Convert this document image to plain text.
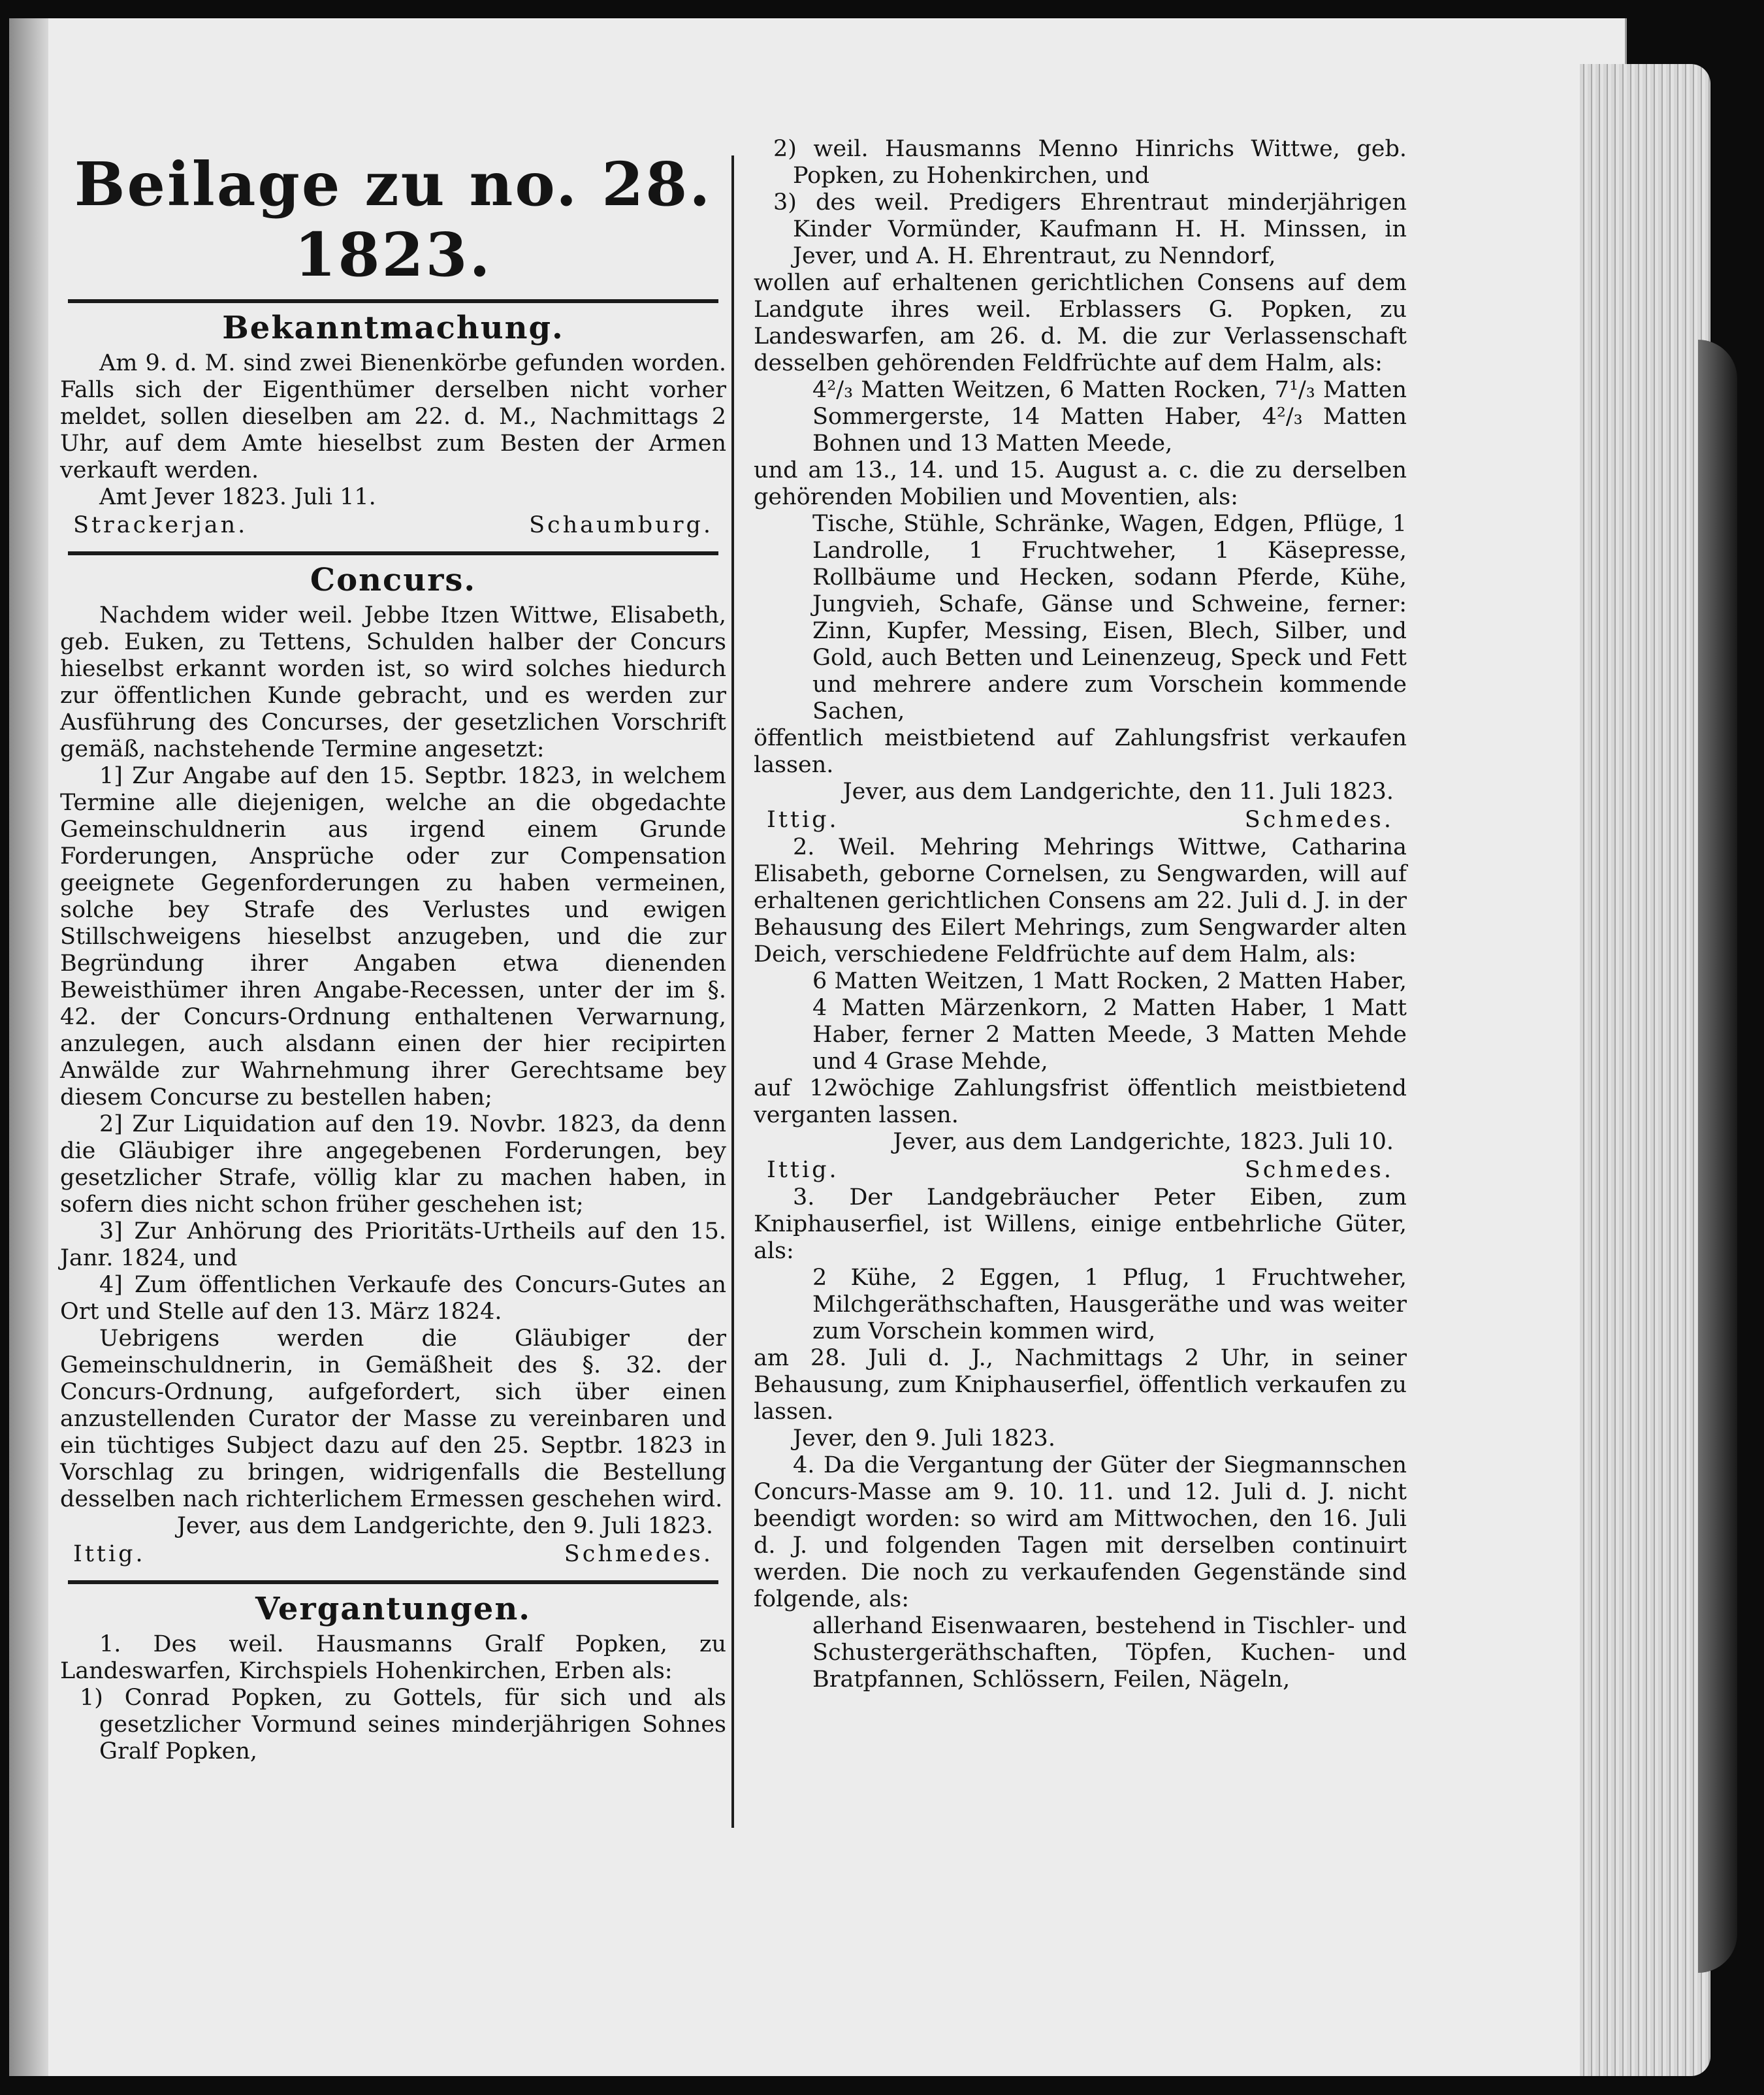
Beilage zu no. 28. 1823.
Bekanntmachung.

Am 9. d. M. sind zwei Bienenkörbe gefunden worden. Falls sich der Eigenthümer derselben nicht vorher meldet, sollen dieselben am 22. d. M., Nachmittags 2 Uhr, auf dem Amte hieselbst zum Besten der Armen verkauft werden.

Amt Jever 1823. Juli 11.

Strackerjan.	Schaumburg.
Concurs.

Nachdem wider weil. Jebbe Itzen Wittwe, Elisabeth, geb. Euken, zu Tettens, Schulden halber der Concurs hieselbst erkannt worden ist, so wird solches hiedurch zur öffentlichen Kunde gebracht, und es werden zur Ausführung des Concurses, der gesetzlichen Vorschrift gemäß, nachstehende Termine angesetzt:

1] Zur Angabe auf den 15. Septbr. 1823, in welchem Termine alle diejenigen, welche an die obgedachte Gemeinschuldnerin aus irgend einem Grunde Forderungen, Ansprüche oder zur Compensation geeignete Gegenforderungen zu haben vermeinen, solche bey Strafe des Verlustes und ewigen Stillschweigens hieselbst anzugeben, und die zur Begründung ihrer Angaben etwa dienenden Beweisthümer ihren Angabe-Recessen, unter der im §. 42. der Concurs-Ordnung enthaltenen Verwarnung, anzulegen, auch alsdann einen der hier recipirten Anwälde zur Wahrnehmung ihrer Gerechtsame bey diesem Concurse zu bestellen haben;

2] Zur Liquidation auf den 19. Novbr. 1823, da denn die Gläubiger ihre angegebenen Forderungen, bey gesetzlicher Strafe, völlig klar zu machen haben, in sofern dies nicht schon früher geschehen ist;

3] Zur Anhörung des Prioritäts-Urtheils auf den 15. Janr. 1824, und

4] Zum öffentlichen Verkaufe des Concurs-Gutes an Ort und Stelle auf den 13. März 1824.

Uebrigens werden die Gläubiger der Gemeinschuldnerin, in Gemäßheit des §. 32. der Concurs-Ordnung, aufgefordert, sich über einen anzustellenden Curator der Masse zu vereinbaren und ein tüchtiges Subject dazu auf den 25. Septbr. 1823 in Vorschlag zu bringen, widrigenfalls die Bestellung desselben nach richterlichem Ermessen geschehen wird.

Jever, aus dem Landgerichte, den 9. Juli 1823.

Ittig.	Schmedes.
Vergantungen.

1. Des weil. Hausmanns Gralf Popken, zu Landeswarfen, Kirchspiels Hohenkirchen, Erben als:

1) Conrad Popken, zu Gottels, für sich und als gesetzlicher Vormund seines minderjährigen Sohnes Gralf Popken,

2) weil. Hausmanns Menno Hinrichs Wittwe, geb. Popken, zu Hohenkirchen, und

3) des weil. Predigers Ehrentraut minderjährigen Kinder Vormünder, Kaufmann H. H. Minssen, in Jever, und A. H. Ehrentraut, zu Nenndorf,

wollen auf erhaltenen gerichtlichen Consens auf dem Landgute ihres weil. Erblassers G. Popken, zu Landeswarfen, am 26. d. M. die zur Verlassenschaft desselben gehörenden Feldfrüchte auf dem Halm, als:

4²/₃ Matten Weitzen, 6 Matten Rocken, 7¹/₃ Matten Sommergerste, 14 Matten Haber, 4²/₃ Matten Bohnen und 13 Matten Meede,

und am 13., 14. und 15. August a. c. die zu derselben gehörenden Mobilien und Moventien, als:

Tische, Stühle, Schränke, Wagen, Edgen, Pflüge, 1 Landrolle, 1 Fruchtweher, 1 Käsepresse, Rollbäume und Hecken, sodann Pferde, Kühe, Jungvieh, Schafe, Gänse und Schweine, ferner: Zinn, Kupfer, Messing, Eisen, Blech, Silber, und Gold, auch Betten und Leinenzeug, Speck und Fett und mehrere andere zum Vorschein kommende Sachen,

öffentlich meistbietend auf Zahlungsfrist verkaufen lassen.

Jever, aus dem Landgerichte, den 11. Juli 1823.

Ittig.	Schmedes.

2. Weil. Mehring Mehrings Wittwe, Catharina Elisabeth, geborne Cornelsen, zu Sengwarden, will auf erhaltenen gerichtlichen Consens am 22. Juli d. J. in der Behausung des Eilert Mehrings, zum Sengwarder alten Deich, verschiedene Feldfrüchte auf dem Halm, als:

6 Matten Weitzen, 1 Matt Rocken, 2 Matten Haber, 4 Matten Märzenkorn, 2 Matten Haber, 1 Matt Haber, ferner 2 Matten Meede, 3 Matten Mehde und 4 Grase Mehde,

auf 12wöchige Zahlungsfrist öffentlich meistbietend verganten lassen.

Jever, aus dem Landgerichte, 1823. Juli 10.

Ittig.	Schmedes.

3. Der Landgebräucher Peter Eiben, zum Kniphauserfiel, ist Willens, einige entbehrliche Güter, als:

2 Kühe, 2 Eggen, 1 Pflug, 1 Fruchtweher, Milchgeräthschaften, Hausgeräthe und was weiter zum Vorschein kommen wird,

am 28. Juli d. J., Nachmittags 2 Uhr, in seiner Behausung, zum Kniphauserfiel, öffentlich verkaufen zu lassen.

Jever, den 9. Juli 1823.

4. Da die Vergantung der Güter der Siegmannschen Concurs-Masse am 9. 10. 11. und 12. Juli d. J. nicht beendigt worden: so wird am Mittwochen, den 16. Juli d. J. und folgenden Tagen mit derselben continuirt werden. Die noch zu verkaufenden Gegenstände sind folgende, als:

allerhand Eisenwaaren, bestehend in Tischler- und Schustergeräthschaften, Töpfen, Kuchen- und Bratpfannen, Schlössern, Feilen, Nägeln,
